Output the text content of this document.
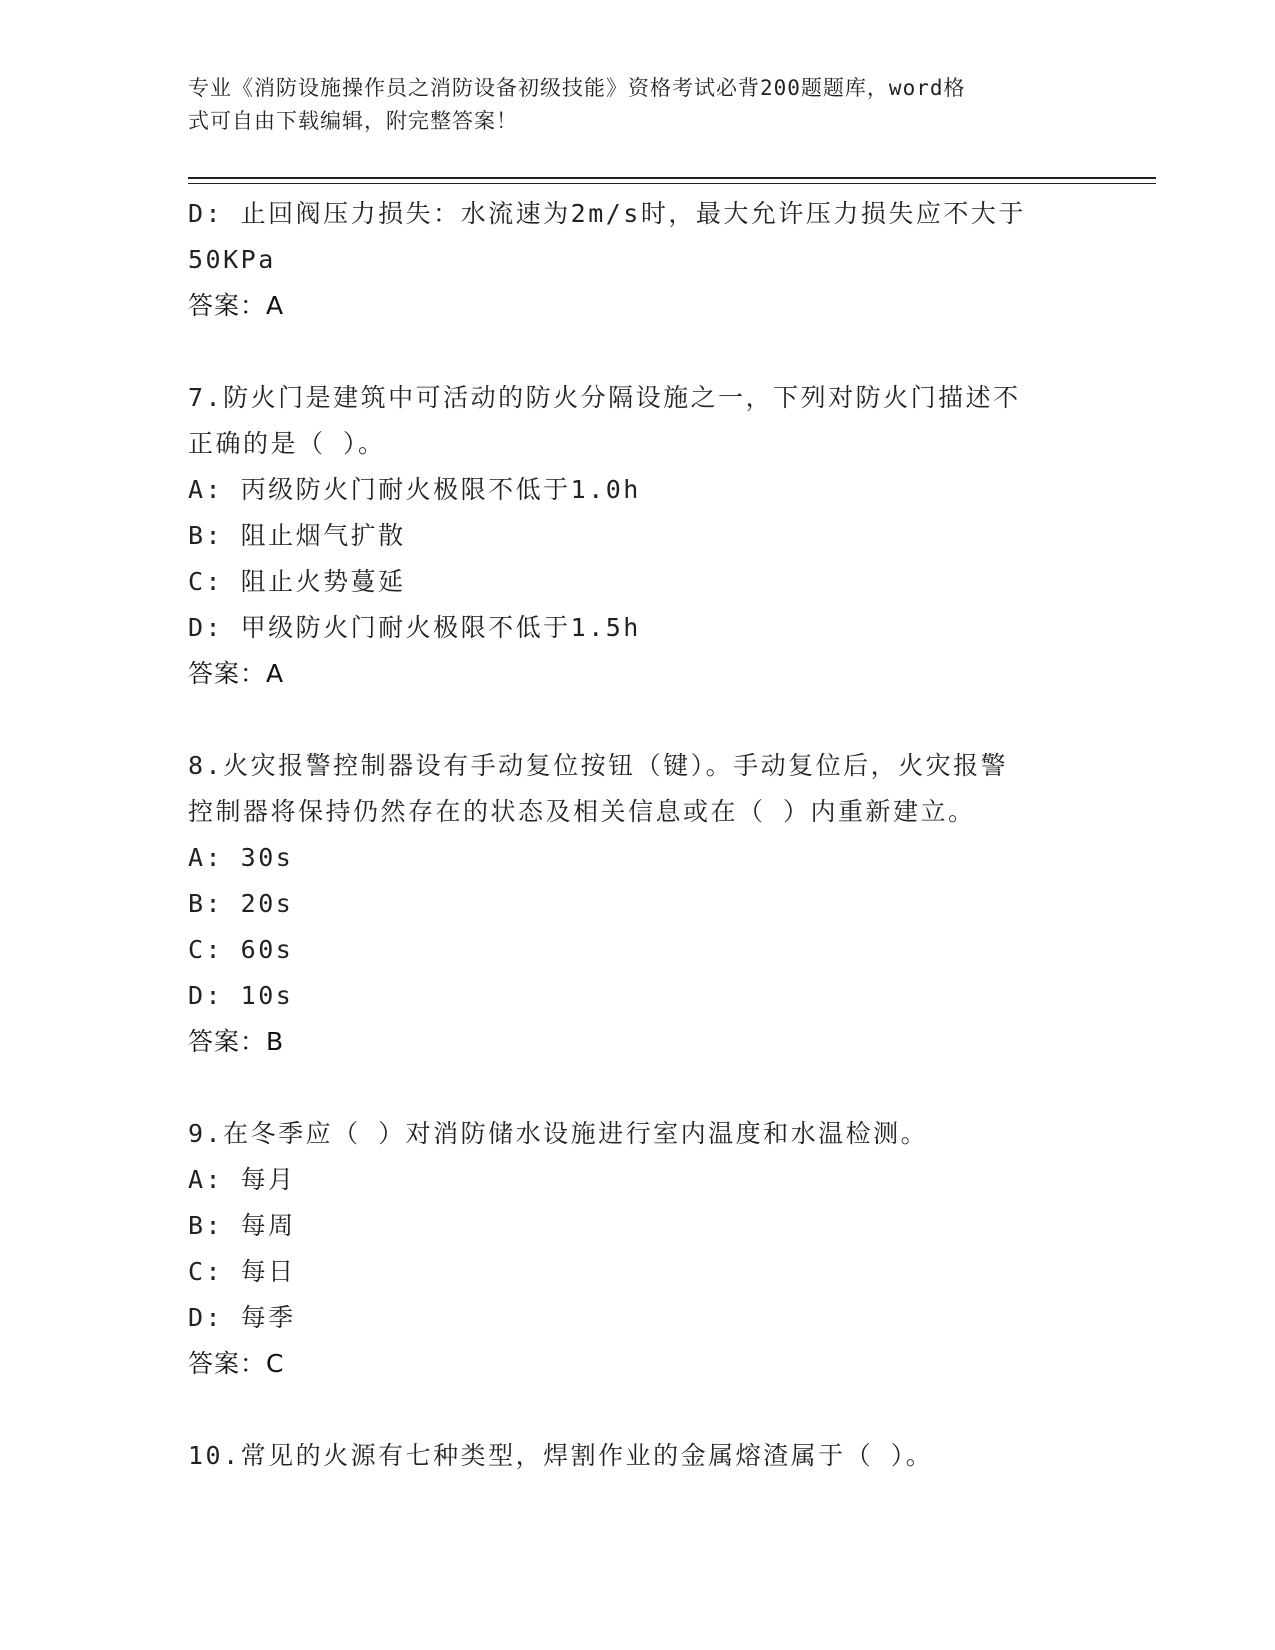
专业《消防设施操作员之消防设备初级技能》资格考试必背200题题库，word格
式可自由下载编辑，附完整答案！
D: 止回阀压力损失：水流速为2m/s时，最大允许压力损失应不大于
50KPa
答案：A
7.防火门是建筑中可活动的防火分隔设施之一，下列对防火门描述不
正确的是（ ）。
A: 丙级防火门耐火极限不低于1.0h
B: 阻止烟气扩散
C: 阻止火势蔓延
D: 甲级防火门耐火极限不低于1.5h
答案：A
8.火灾报警控制器设有手动复位按钮（键）。手动复位后，火灾报警
控制器将保持仍然存在的状态及相关信息或在（ ）内重新建立。
A: 30s
B: 20s
C: 60s
D: 10s
答案：B
9.在冬季应（ ）对消防储水设施进行室内温度和水温检测。
A: 每月
B: 每周
C: 每日
D: 每季
答案：C
10.常见的火源有七种类型，焊割作业的金属熔渣属于（ ）。
